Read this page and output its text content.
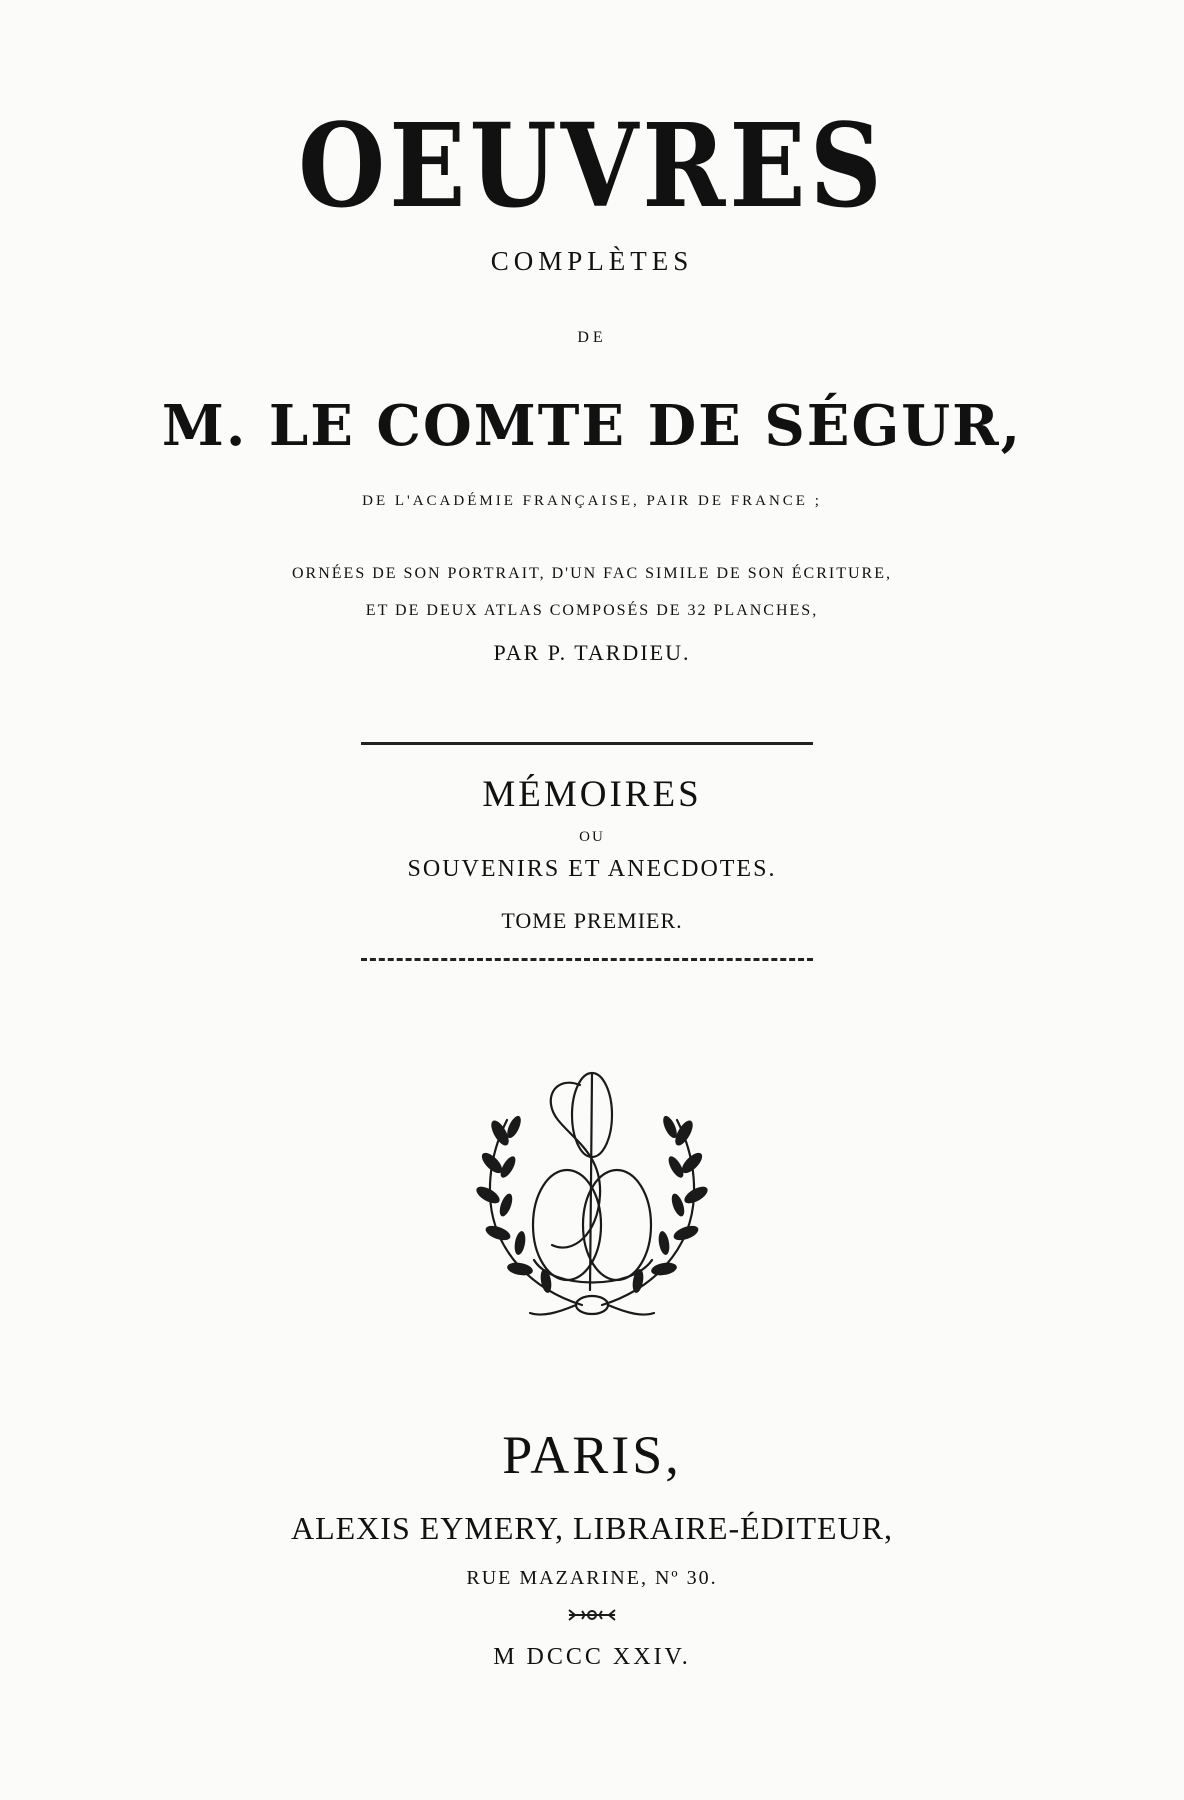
OEUVRES
COMPLÈTES
DE
M. LE COMTE DE SÉGUR,
DE L'ACADÉMIE FRANÇAISE, PAIR DE FRANCE ;
ORNÉES DE SON PORTRAIT, D'UN FAC SIMILE DE SON ÉCRITURE,
ET DE DEUX ATLAS COMPOSÉS DE 32 PLANCHES,
PAR P. TARDIEU.
MÉMOIRES
OU
SOUVENIRS ET ANECDOTES.
TOME PREMIER.
PARIS,
ALEXIS EYMERY, LIBRAIRE-ÉDITEUR,
RUE MAZARINE, Nº 30.
M DCCC XXIV.
